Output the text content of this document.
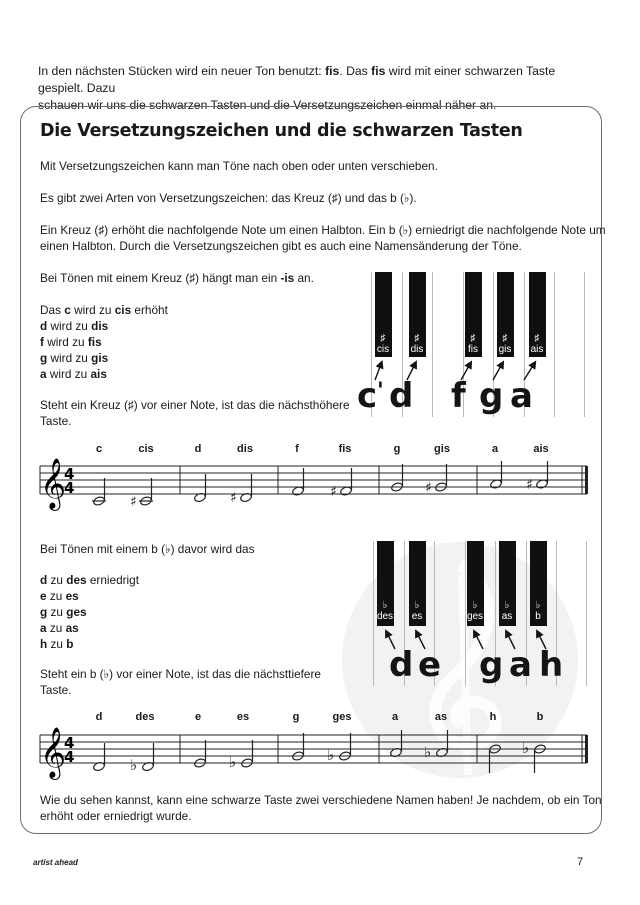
In den nächsten Stücken wird ein neuer Ton benutzt: fis. Das fis wird mit einer schwarzen Taste gespielt. Dazu
schauen wir uns die schwarzen Tasten und die Versetzungszeichen einmal näher an.
Die Versetzungszeichen und die schwarzen Tasten
Mit Versetzungszeichen kann man Töne nach oben oder unten verschieben.
Es gibt zwei Arten von Versetzungszeichen: das Kreuz (♯) und das b (♭).
Ein Kreuz (♯) erhöht die nachfolgende Note um einen Halbton. Ein b (♭) erniedrigt die nachfolgende Note um
einen Halbton. Durch die Versetzungszeichen gibt es auch eine Namensänderung der Töne.
Bei Tönen mit einem Kreuz (♯) hängt man ein -is an.
Das c wird zu cis erhöht
d wird zu dis
f wird zu fis
g wird zu gis
a wird zu ais
Steht ein Kreuz (♯) vor einer Note, ist das die nächsthöhere
Taste.
♯
cis
♯
dis
♯
fis
♯
gis
♯
ais
c ' d f g a
c	cis	d	dis	f	fis	g	gis	a	ais
𝄞
4
4
♯	♯	♯	♯	♯
Bei Tönen mit einem b (♭) davor wird das
d zu des erniedrigt
e zu es
g zu ges
a zu as
h zu b
Steht ein b (♭) vor einer Note, ist das die nächsttiefere
Taste.
♭
des
♭
es
♭
ges
♭
as
♭
b
d e g a h
d	des	e	es	g	ges	a	as	h	b
𝄞
4
4	♭	♭	♭	♭	♭
Wie du sehen kannst, kann eine schwarze Taste zwei verschiedene Namen haben! Je nachdem, ob ein Ton
erhöht oder erniedrigt wurde.
artist ahead	7
